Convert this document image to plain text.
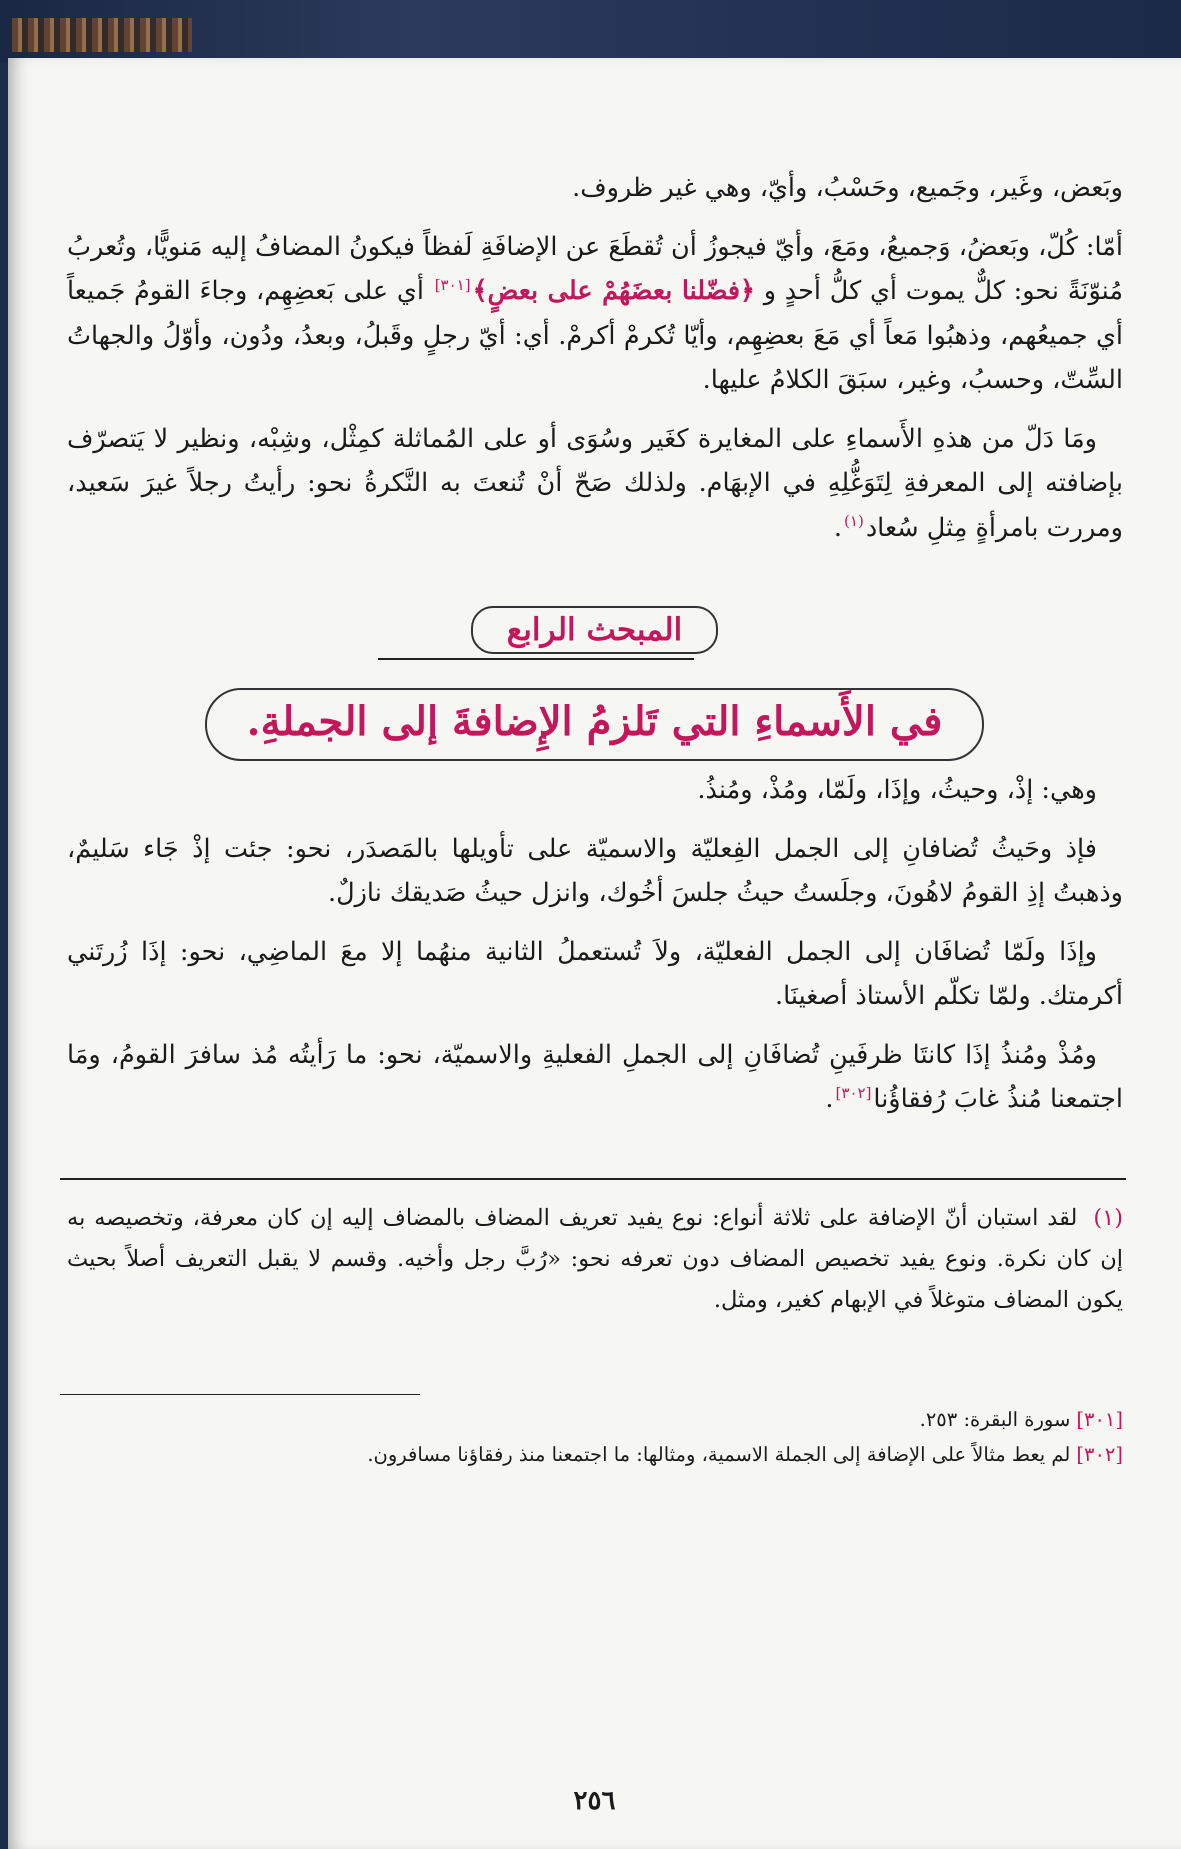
وبَعض، وغَير، وجَميع، وحَسْبُ، وأيّ، وهي غير ظروف.

أمّا: كُلّ، وبَعضُ، وَجميعُ، ومَعَ، وأيّ فيجوزُ أن تُقطَعَ عن الإضافَةِ لَفظاً فيكونُ المضافُ إليه مَنويًّا، وتُعربُ مُنوّنَةً نحو: كلٌّ يموت أي كلُّ أحدٍ و ﴿فضّلنا بعضَهُمْ على بعضٍ﴾[٣٠١] أي على بَعضِهِم، وجاءَ القومُ جَميعاً أي جميعُهم، وذهبُوا مَعاً أي مَعَ بعضِهِم، وأيّا تُكرمْ أكرمْ. أي: أيّ رجلٍ وقَبلُ، وبعدُ، ودُون، وأوّلُ والجهاتُ السِّتّ، وحسبُ، وغير، سبَقَ الكلامُ عليها.

ومَا دَلّ من هذهِ الأَسماءِ على المغايرة كغَير وسُوَى أو على المُماثلة كمِثْل، وشِبْه، ونظير لا يَتصرّف بإضافته إلى المعرفةِ لِتَوَغُّلِهِ في الإبهَام. ولذلك صَحّ أنْ تُنعتَ به النَّكرةُ نحو: رأيتُ رجلاً غيرَ سَعيد، ومررت بامرأةٍ مِثلِ سُعاد$^{(١)}$.

المبحث الرابع
في الأَسماءِ التي تَلزمُ الإِضافةَ إلى الجملةِ.

وهي: إذْ، وحيثُ، وإذَا، ولَمّا، ومُذْ، ومُنذُ.

فإذ وحَيثُ تُضافانِ إلى الجمل الفِعليّة والاسميّة على تأويلها بالمَصدَر، نحو: جئت إذْ جَاء سَليمٌ، وذهبتُ إذِ القومُ لاهُونَ، وجلَستُ حيثُ جلسَ أخُوك، وانزل حيثُ صَديقك نازلٌ.

وإذَا ولَمّا تُضافَان إلى الجمل الفعليّة، ولاَ تُستعملُ الثانية منهُما إلا معَ الماضِي، نحو: إذَا زُرتَني أكرمتك. ولمّا تكلّم الأستاذ أصغينَا.

ومُذْ ومُنذُ إذَا كانتَا ظرفَينِ تُضافَانِ إلى الجملِ الفعليةِ والاسميّة، نحو: ما رَأيتُه مُذ سافرَ القومُ، ومَا اجتمعنا مُنذُ غابَ رُفقاؤُنا[٣٠٢].

(١)لقد استبان أنّ الإضافة على ثلاثة أنواع: نوع يفيد تعريف المضاف بالمضاف إليه إن كان معرفة، وتخصيصه به إن كان نكرة. ونوع يفيد تخصيص المضاف دون تعرفه نحو: «رُبَّ رجل وأخيه. وقسم لا يقبل التعريف أصلاً بحيث يكون المضاف متوغلاً في الإبهام كغير، ومثل.
[٣٠١]سورة البقرة: ٢٥٣.
[٣٠٢]لم يعط مثالاً على الإضافة إلى الجملة الاسمية، ومثالها: ما اجتمعنا منذ رفقاؤنا مسافرون.
٢٥٦
